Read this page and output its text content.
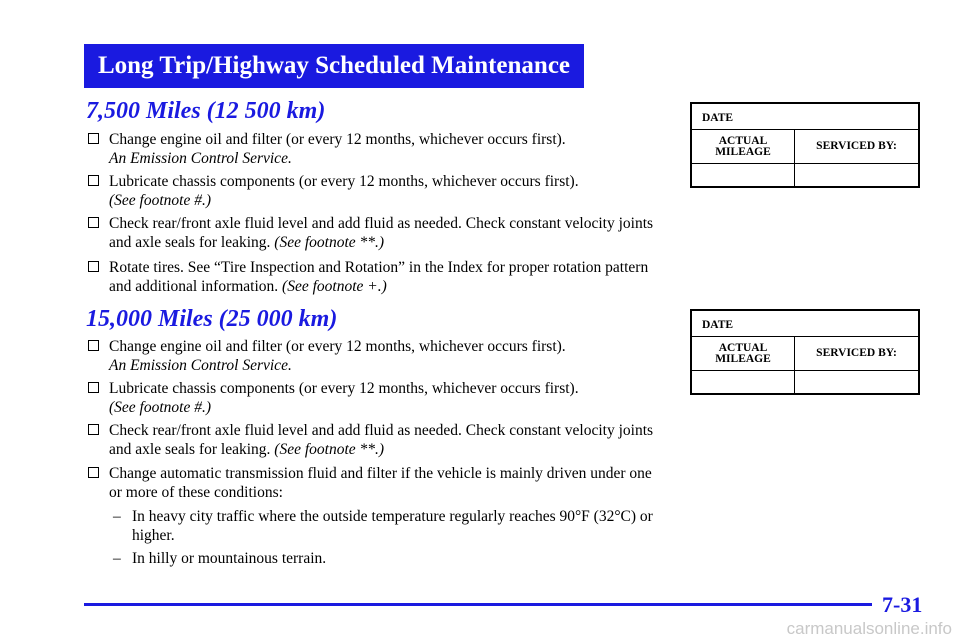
Long Trip/Highway Scheduled Maintenance
7,500 Miles (12 500 km)
Change engine oil and filter (or every 12 months, whichever occurs first).
An Emission Control Service.
Lubricate chassis components (or every 12 months, whichever occurs first).
(See footnote #.)
Check rear/front axle fluid level and add fluid as needed. Check constant velocity joints and axle seals for leaking. (See footnote **.)
Rotate tires. See “Tire Inspection and Rotation” in the Index for proper rotation pattern and additional information. (See footnote +.)
15,000 Miles (25 000 km)
Change engine oil and filter (or every 12 months, whichever occurs first).
An Emission Control Service.
Lubricate chassis components (or every 12 months, whichever occurs first).
(See footnote #.)
Check rear/front axle fluid level and add fluid as needed. Check constant velocity joints and axle seals for leaking. (See footnote **.)
Change automatic transmission fluid and filter if the vehicle is mainly driven under one or more of these conditions:
– In heavy city traffic where the outside temperature regularly reaches 90°F (32°C) or higher.
– In hilly or mountainous terrain.
DATE
ACTUAL MILEAGE	SERVICED BY:
DATE
ACTUAL MILEAGE	SERVICED BY:
7-31
carmanualsonline.info
